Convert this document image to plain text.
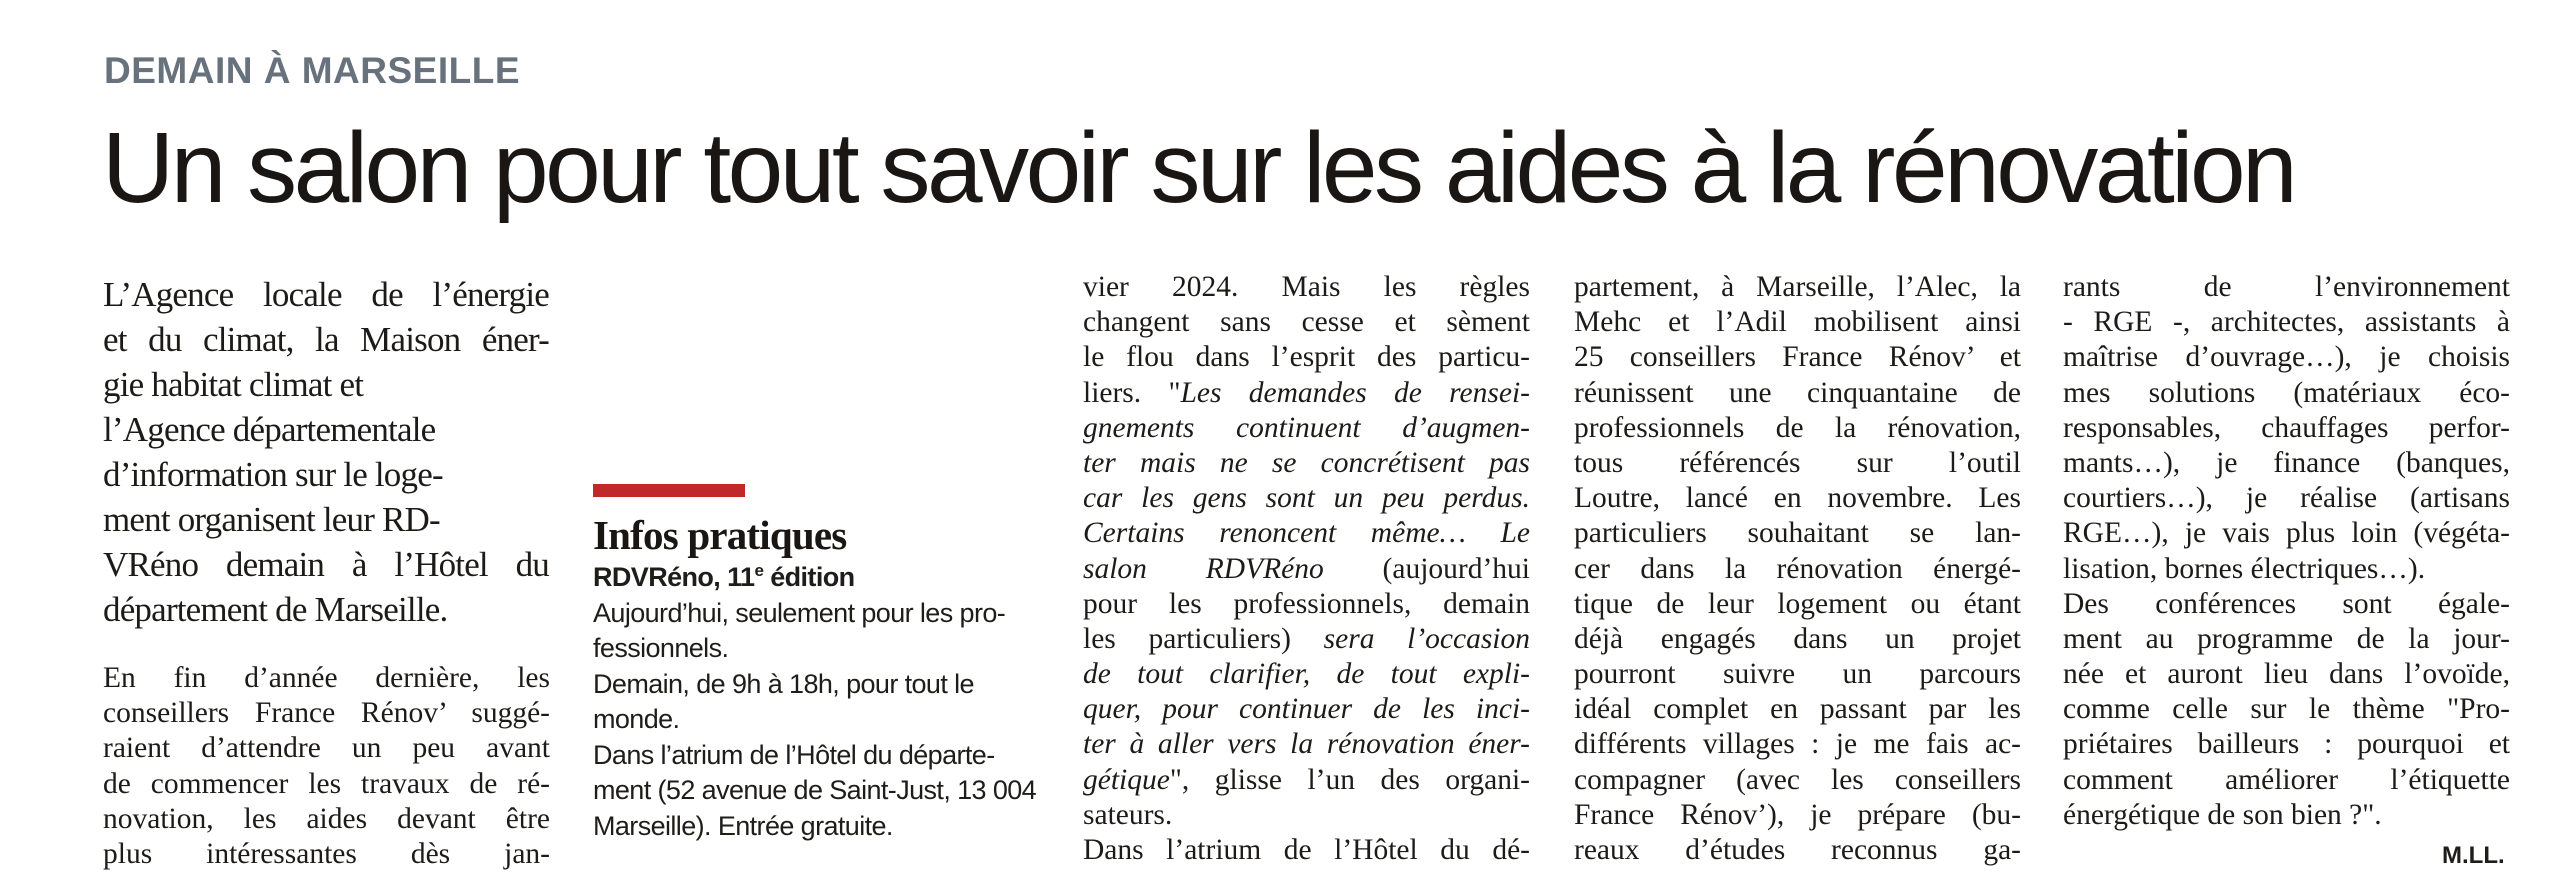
DEMAIN À MARSEILLE
Un salon pour tout savoir sur les aides à la rénovation
L’Agence locale de l’énergie
et du climat, la Maison éner-
gie habitat climat et
l’Agence départementale
d’information sur le loge-
ment organisent leur RD-
VRéno demain à l’Hôtel du
département de Marseille.
En fin d’année dernière, les
conseillers France Rénov’ suggé-
raient d’attendre un peu avant
de commencer les travaux de ré-
novation, les aides devant être
plus intéressantes dès jan-
Infos pratiques
RDVRéno, 11e édition
Aujourd’hui, seulement pour les pro-
fessionnels.
Demain, de 9h à 18h, pour tout le
monde.
Dans l’atrium de l’Hôtel du départe-
ment (52 avenue de Saint-Just, 13 004
Marseille). Entrée gratuite.
vier 2024. Mais les règles
changent sans cesse et sèment
le flou dans l’esprit des particu-
liers. "Les demandes de rensei-
gnements continuent d’augmen-
ter mais ne se concrétisent pas
car les gens sont un peu perdus.
Certains renoncent même… Le
salon RDVRéno (aujourd’hui
pour les professionnels, demain
les particuliers) sera l’occasion
de tout clarifier, de tout expli-
quer, pour continuer de les inci-
ter à aller vers la rénovation éner-
gétique", glisse l’un des organi-
sateurs.
Dans l’atrium de l’Hôtel du dé-
partement, à Marseille, l’Alec, la
Mehc et l’Adil mobilisent ainsi
25 conseillers France Rénov’ et
réunissent une cinquantaine de
professionnels de la rénovation,
tous référencés sur l’outil
Loutre, lancé en novembre. Les
particuliers souhaitant se lan-
cer dans la rénovation énergé-
tique de leur logement ou étant
déjà engagés dans un projet
pourront suivre un parcours
idéal complet en passant par les
différents villages : je me fais ac-
compagner (avec les conseillers
France Rénov’), je prépare (bu-
reaux d’études reconnus ga-
rants de l’environnement
- RGE -, architectes, assistants à
maîtrise d’ouvrage…), je choisis
mes solutions (matériaux éco-
responsables, chauffages perfor-
mants…), je finance (banques,
courtiers…), je réalise (artisans
RGE…), je vais plus loin (végéta-
lisation, bornes électriques…).
Des conférences sont égale-
ment au programme de la jour-
née et auront lieu dans l’ovoïde,
comme celle sur le thème "Pro-
priétaires bailleurs : pourquoi et
comment améliorer l’étiquette
énergétique de son bien ?".

M.LL.
